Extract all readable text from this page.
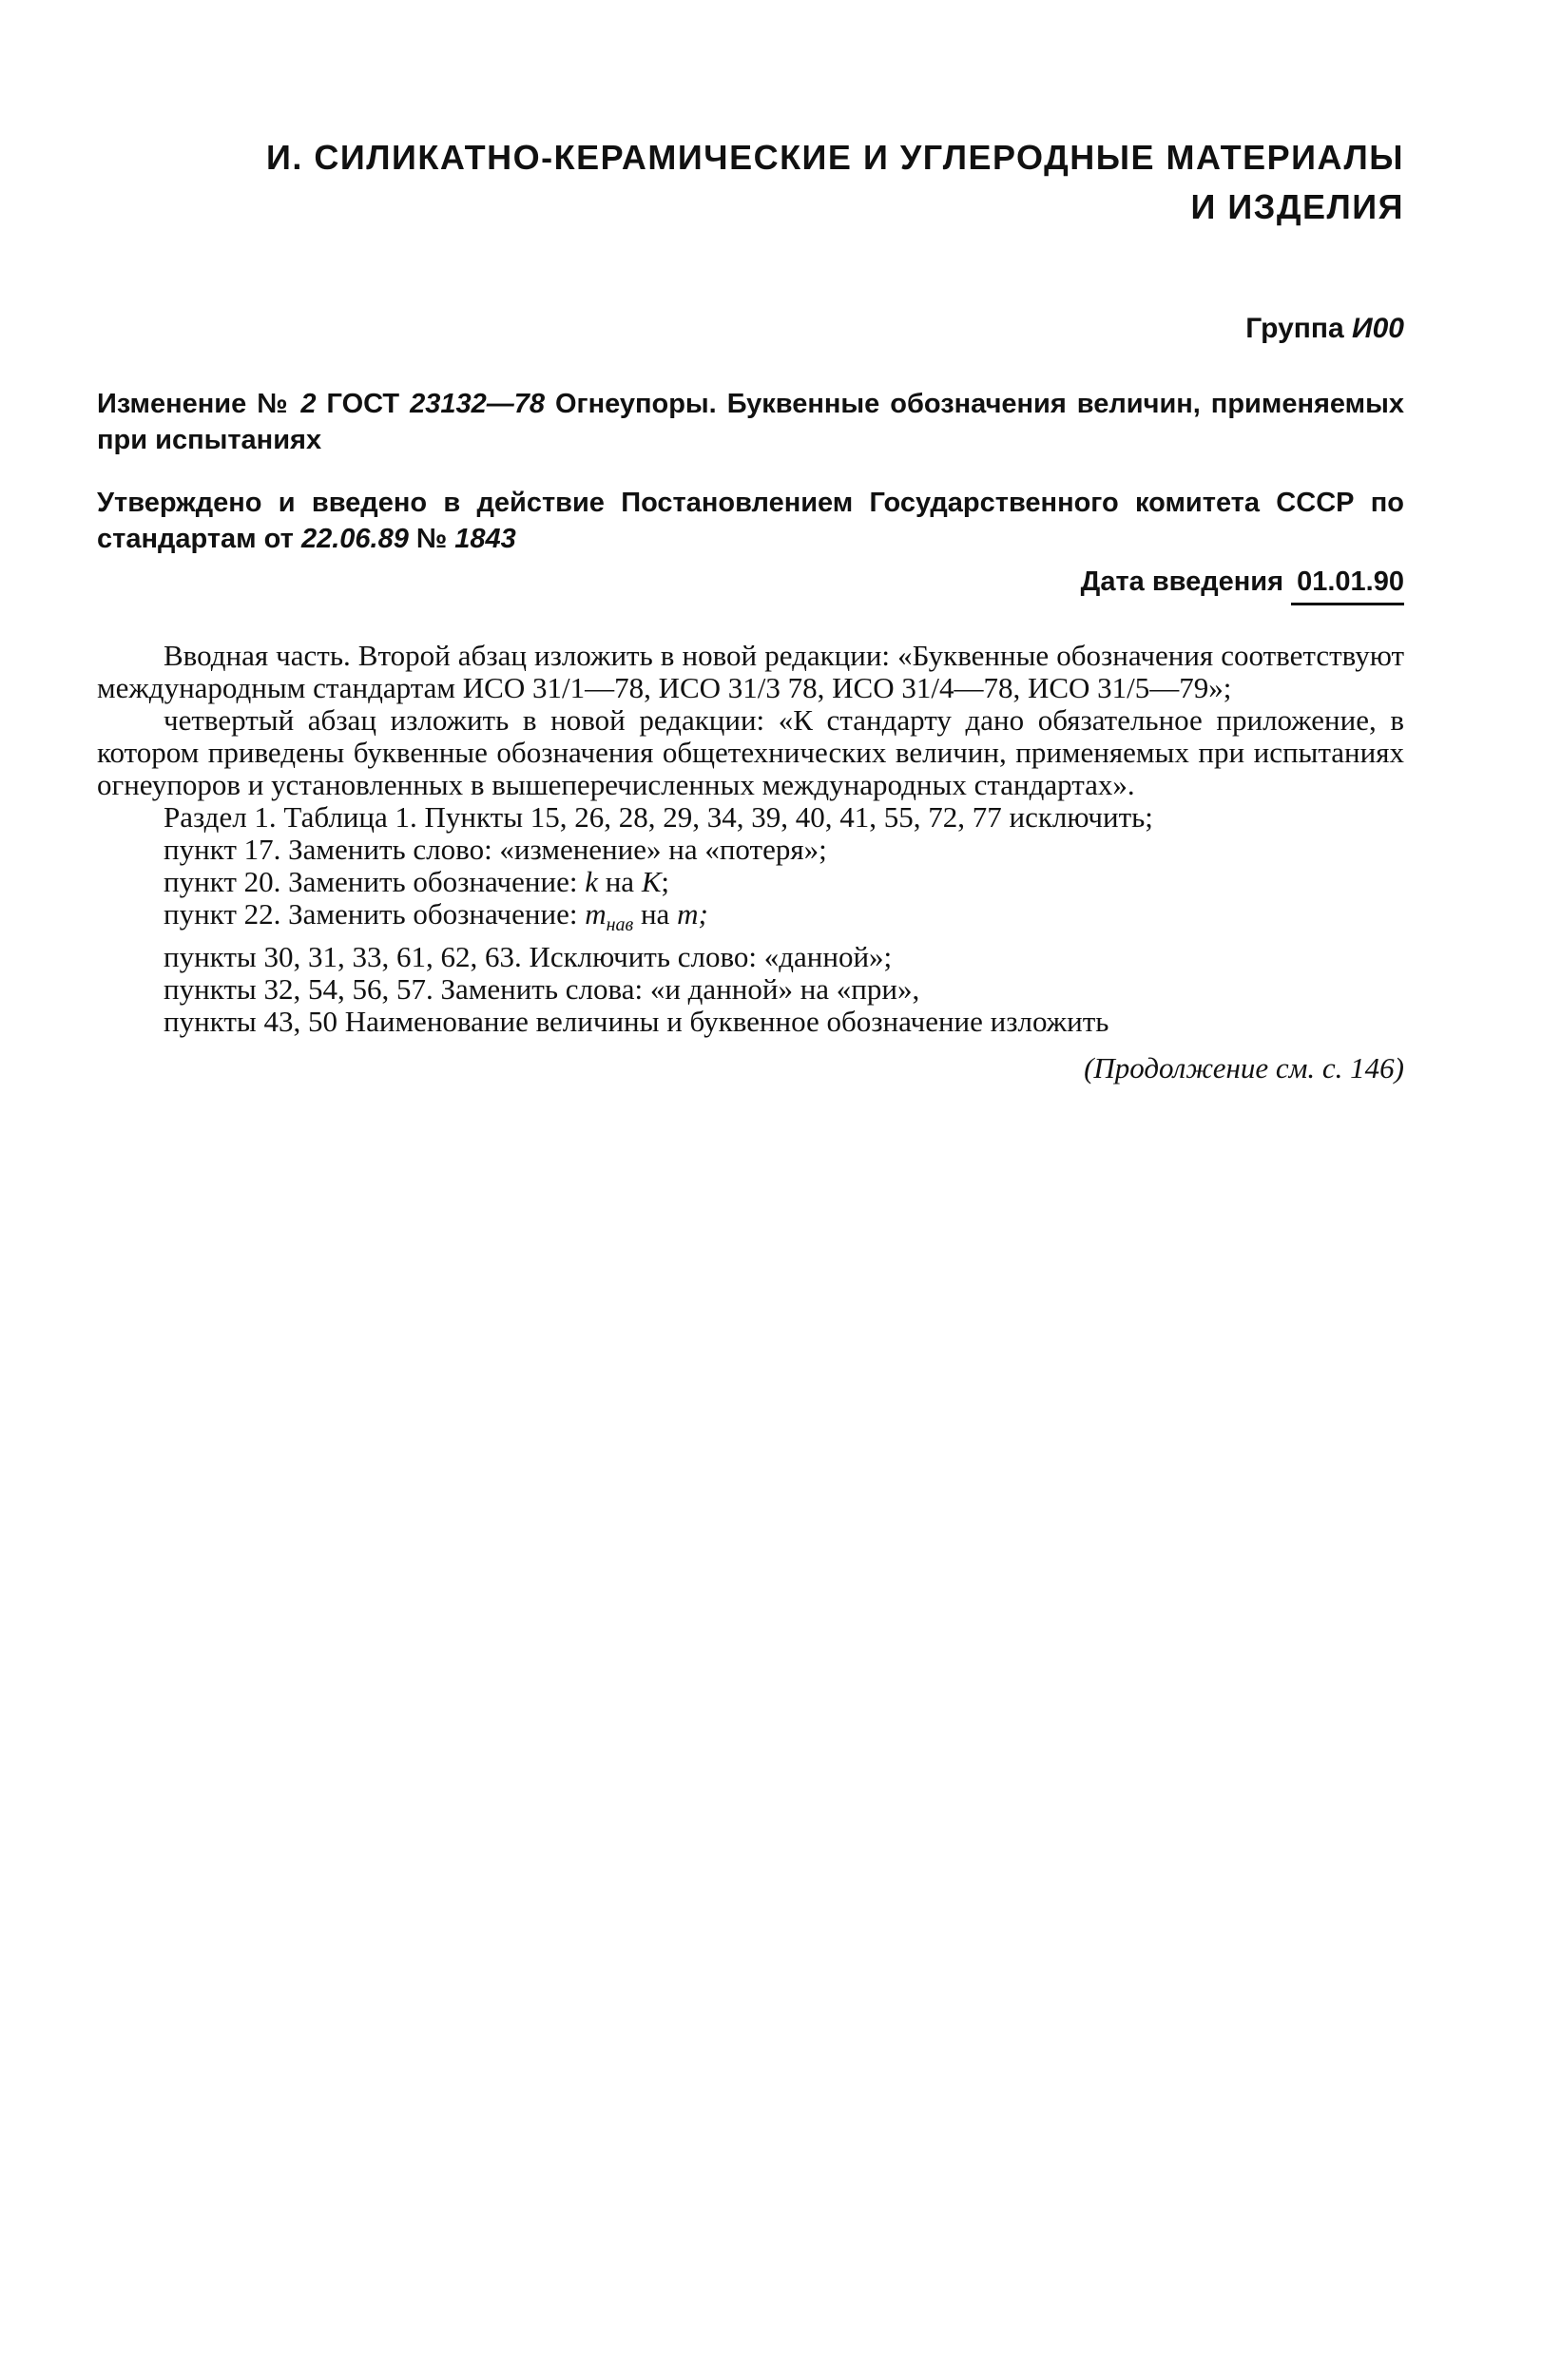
И. СИЛИКАТНО-КЕРАМИЧЕСКИЕ И УГЛЕРОДНЫЕ МАТЕРИАЛЫ
И ИЗДЕЛИЯ
Группа И00
Изменение № 2 ГОСТ 23132—78 Огнеупоры. Буквенные обозначения величин, применяемых при испытаниях
Утверждено и введено в действие Постановлением Государственного комитета СССР по стандартам от 22.06.89 № 1843
Дата введения 01.01.90

Вводная часть. Второй абзац изложить в новой редакции: «Буквенные обозначения соответствуют международным стандартам ИСО 31/1—78, ИСО 31/3 78, ИСО 31/4—78, ИСО 31/5—79»;

четвертый абзац изложить в новой редакции: «К стандарту дано обязательное приложение, в котором приведены буквенные обозначения общетехнических величин, применяемых при испытаниях огнеупоров и установленных в вышеперечисленных международных стандартах».

Раздел 1. Таблица 1. Пункты 15, 26, 28, 29, 34, 39, 40, 41, 55, 72, 77 исключить;

пункт 17. Заменить слово: «изменение» на «потеря»;

пункт 20. Заменить обозначение: k на К;

пункт 22. Заменить обозначение: $m_{нав}$ на m;

пункты 30, 31, 33, 61, 62, 63. Исключить слово: «данной»;

пункты 32, 54, 56, 57. Заменить слова: «и данной» на «при»,

пункты 43, 50 Наименование величины и буквенное обозначение изложить

(Продолжение см. с. 146)
